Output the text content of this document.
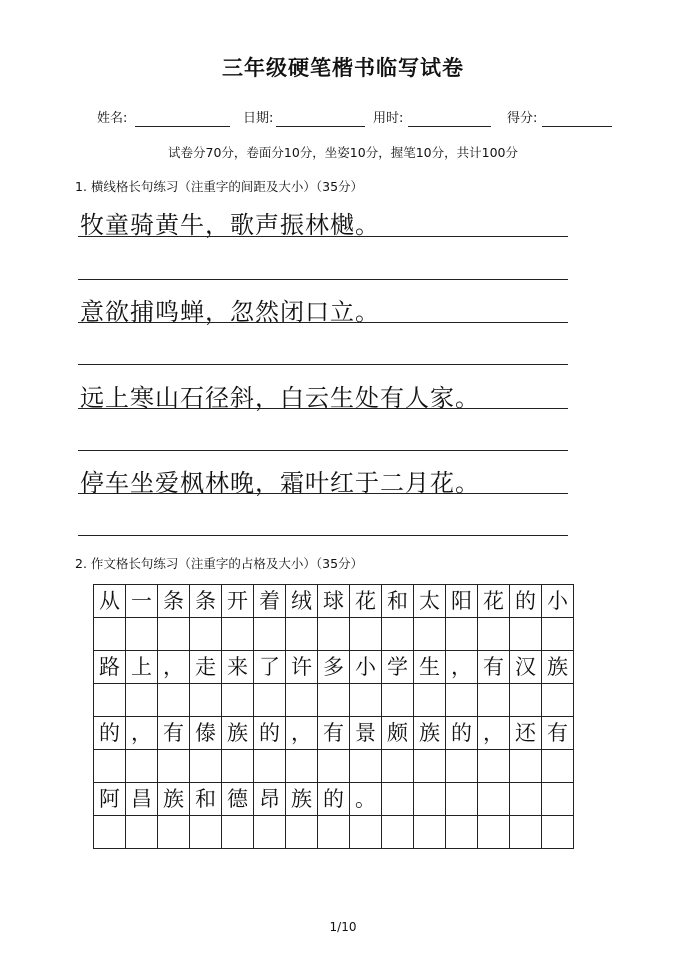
三年级硬笔楷书临写试卷
姓名:	日期:	用时:	得分:
试卷分70分，卷面分10分，坐姿10分，握笔10分，共计100分
1. 横线格长句练习（注重字的间距及大小）（35分）
牧童骑黄牛，歌声振林樾。
意欲捕鸣蝉，忽然闭口立。
远上寒山石径斜，白云生处有人家。
停车坐爱枫林晚，霜叶红于二月花。
2. 作文格长句练习（注重字的占格及大小）（35分）
从	一	条	条	开	着	绒	球	花	和	太	阳	花	的	小

路	上	，	走	来	了	许	多	小	学	生	，	有	汉	族

的	，	有	傣	族	的	，	有	景	颇	族	的	，	还	有

阿	昌	族	和	德	昂	族	的	。						

1/10
